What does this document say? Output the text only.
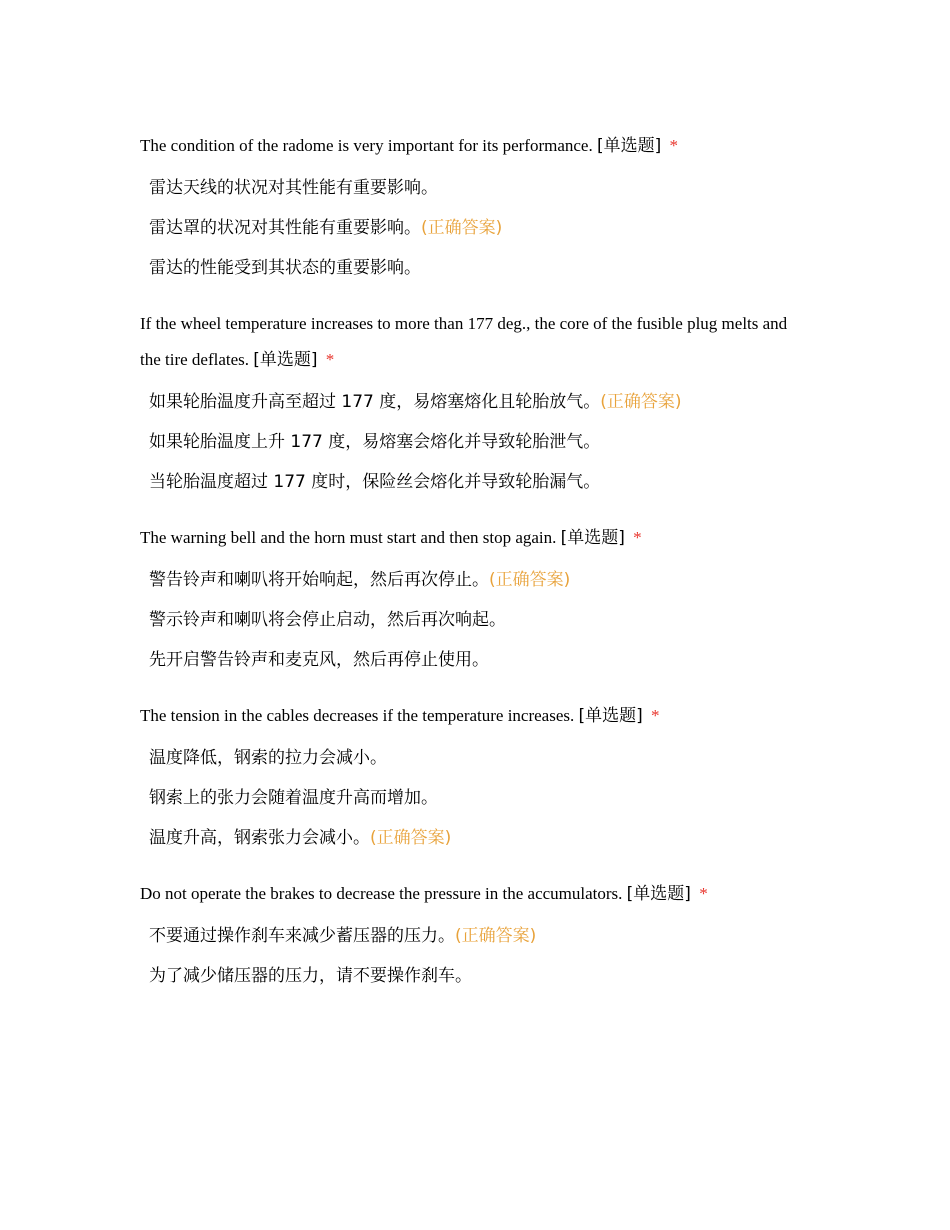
The condition of the radome is very important for its performance. [单选题] *
雷达天线的状况对其性能有重要影响。
雷达罩的状况对其性能有重要影响。(正确答案)
雷达的性能受到其状态的重要影响。
If the wheel temperature increases to more than 177 deg., the core of the fusible plug melts and the tire deflates. [单选题] *
如果轮胎温度升高至超过 177 度，易熔塞熔化且轮胎放气。(正确答案)
如果轮胎温度上升 177 度，易熔塞会熔化并导致轮胎泄气。
当轮胎温度超过 177 度时，保险丝会熔化并导致轮胎漏气。
The warning bell and the horn must start and then stop again. [单选题] *
警告铃声和喇叭将开始响起，然后再次停止。(正确答案)
警示铃声和喇叭将会停止启动，然后再次响起。
先开启警告铃声和麦克风，然后再停止使用。
The tension in the cables decreases if the temperature increases. [单选题] *
温度降低，钢索的拉力会减小。
钢索上的张力会随着温度升高而增加。
温度升高，钢索张力会减小。(正确答案)
Do not operate the brakes to decrease the pressure in the accumulators. [单选题] *
不要通过操作刹车来减少蓄压器的压力。(正确答案)
为了减少储压器的压力，请不要操作刹车。
